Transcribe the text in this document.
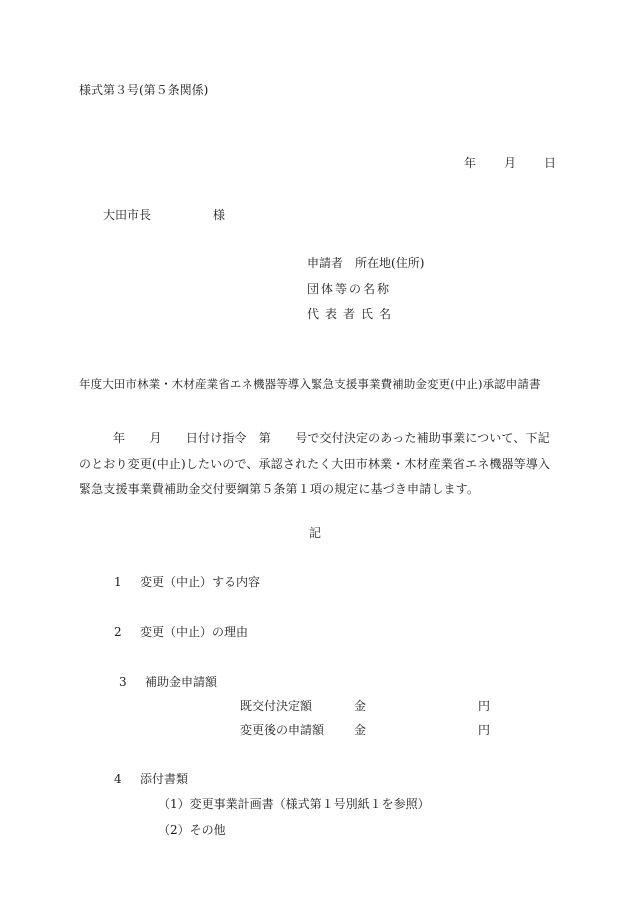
様式第３号(第５条関係)
年 月 日
大田市長	様
申請者 所在地(住所)
団体等の名称
代表者氏名
年度大田市林業・木材産業省エネ機器等導入緊急支援事業費補助金変更(中止)承認申請書
年　　月　　日付け指令　第　　号で交付決定のあった補助事業について、下記のとおり変更(中止)したいので、承認されたく大田市林業・木材産業省エネ機器等導入緊急支援事業費補助金交付要綱第５条第１項の規定に基づき申請します。
記
1 変更（中止）する内容
2 変更（中止）の理由
3 補助金申請額
既交付決定額	金	円
変更後の申請額 金	円
4 添付書類
（1）変更事業計画書（様式第１号別紙１を参照）
（2）その他
